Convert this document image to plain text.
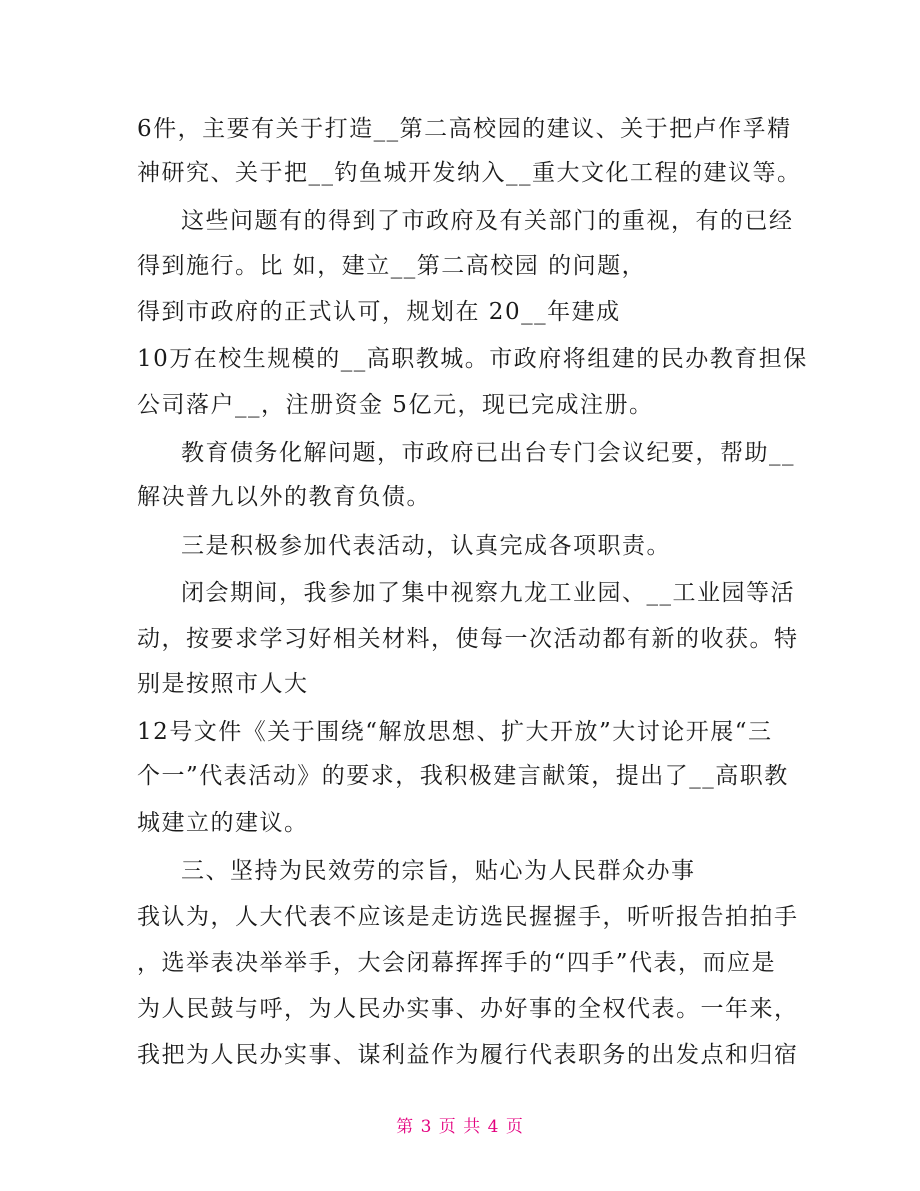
6件，主要有关于打造__第二高校园的建议、关于把卢作孚精
神研究、关于把__钓鱼城开发纳入__重大文化工程的建议等。
这些问题有的得到了市政府及有关部门的重视，有的已经
得到施行。比 如，建立__第二高校园 的问题，
得到市政府的正式认可，规划在 20__年建成
10万在校生规模的__高职教城。市政府将组建的民办教育担保
公司落户__，注册资金 5亿元，现已完成注册。
教育债务化解问题，市政府已出台专门会议纪要，帮助__
解决普九以外的教育负债。
三是积极参加代表活动，认真完成各项职责。
闭会期间，我参加了集中视察九龙工业园、__工业园等活
动，按要求学习好相关材料，使每一次活动都有新的收获。特
别是按照市人大
12号文件《关于围绕“解放思想、扩大开放”大讨论开展“三
个一”代表活动》的要求，我积极建言献策，提出了__高职教
城建立的建议。
三、坚持为民效劳的宗旨，贴心为人民群众办事
我认为，人大代表不应该是走访选民握握手，听听报告拍拍手
，选举表决举举手，大会闭幕挥挥手的“四手”代表，而应是
为人民鼓与呼，为人民办实事、办好事的全权代表。一年来，
我把为人民办实事、谋利益作为履行代表职务的出发点和归宿
第 3 页 共 4 页
